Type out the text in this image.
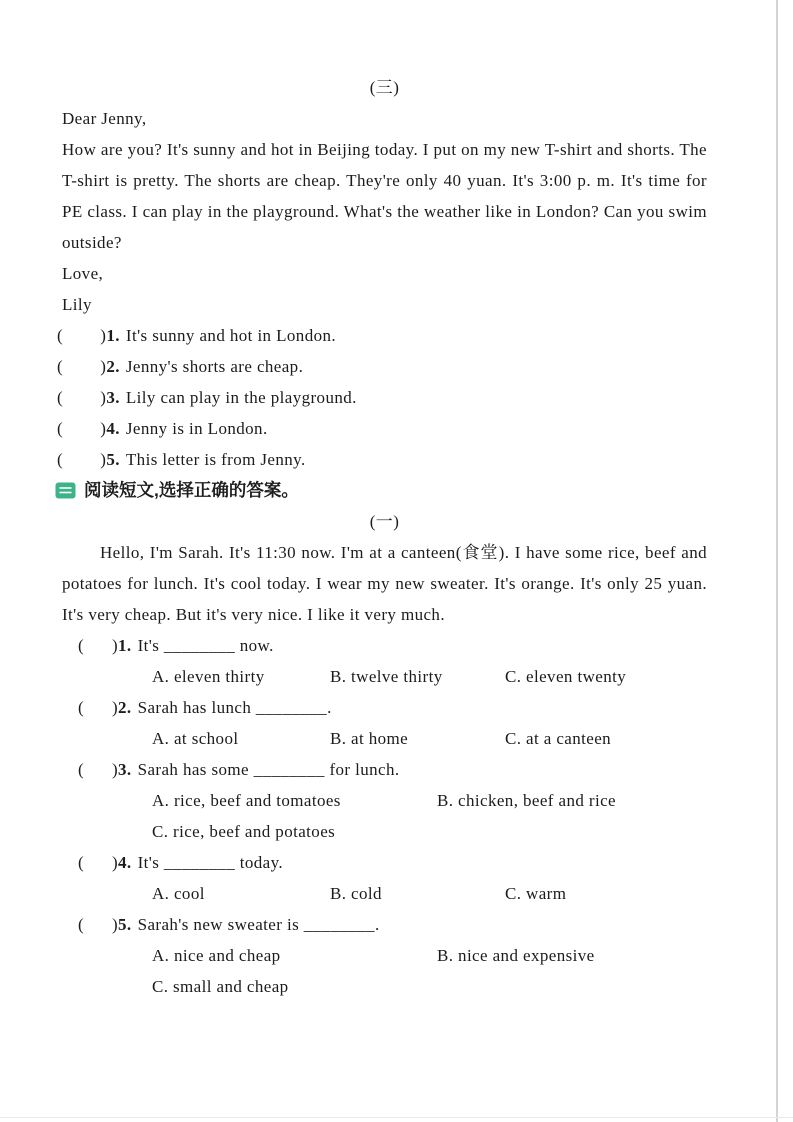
(三)
Dear Jenny,

How are you? It's sunny and hot in Beijing today. I put on my new T-shirt and shorts. The T-shirt is pretty. The shorts are cheap. They're only 40 yuan. It's 3:00 p. m. It's time for PE class. I can play in the playground. What's the weather like in London? Can you swim outside?

Love,
Lily
(        )1. It's sunny and hot in London.
(        )2. Jenny's shorts are cheap.
(        )3. Lily can play in the playground.
(        )4. Jenny is in London.
(        )5. This letter is from Jenny.
阅读短文,选择正确的答案。
(一)

Hello, I'm Sarah. It's 11:30 now. I'm at a canteen(食堂). I have some rice, beef and potatoes for lunch. It's cool today. I wear my new sweater. It's orange. It's only 25 yuan. It's very cheap. But it's very nice. I like it very much.

(      )1. It's ________ now.
A. eleven thirty	B. twelve thirty	C. eleven twenty
(      )2. Sarah has lunch ________.
A. at school	B. at home	C. at a canteen
(      )3. Sarah has some ________ for lunch.
A. rice, beef and tomatoes	B. chicken, beef and rice
C. rice, beef and potatoes
(      )4. It's ________ today.
A. cool	B. cold	C. warm
(      )5. Sarah's new sweater is ________.
A. nice and cheap	B. nice and expensive
C. small and cheap
